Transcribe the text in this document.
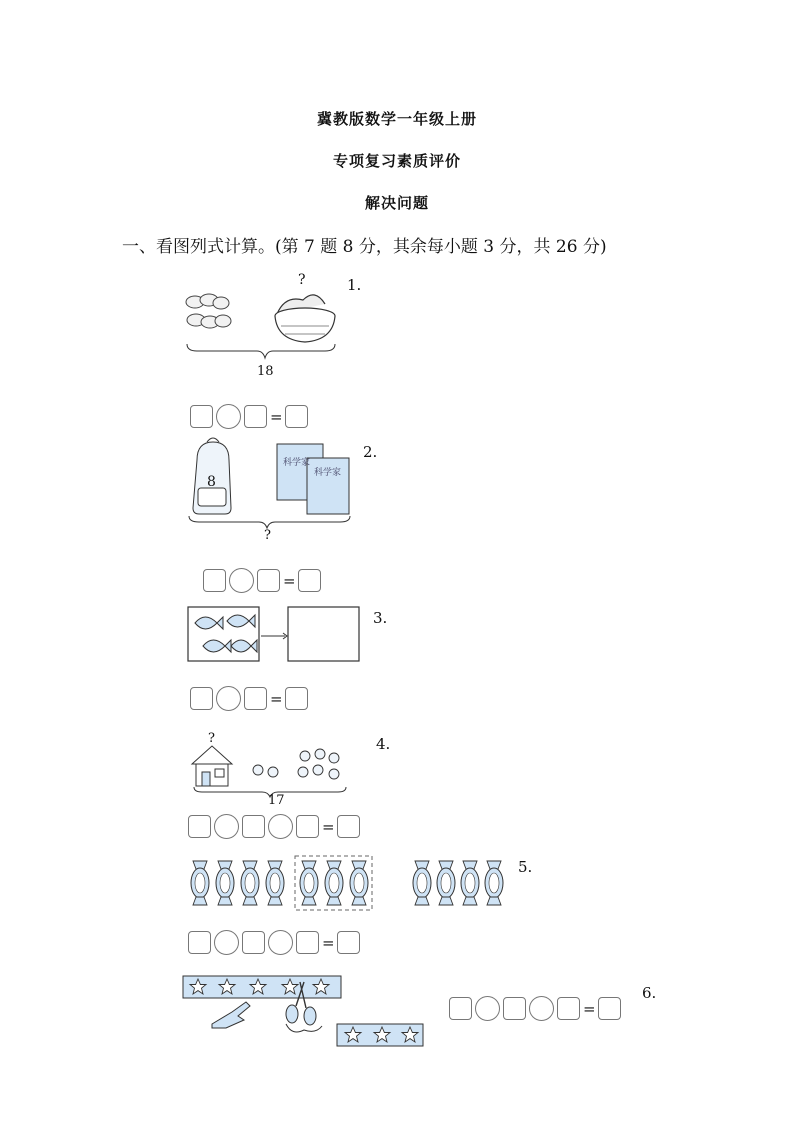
冀教版数学一年级上册
专项复习素质评价
解决问题
一、看图列式计算。(第 7 题 8 分，其余每小题 3 分，共 26 分)
1.
?
18
=
2.
8
科学家
科学家
?
=
3.
=
4.
?
17
=
5.
=
6.
=
